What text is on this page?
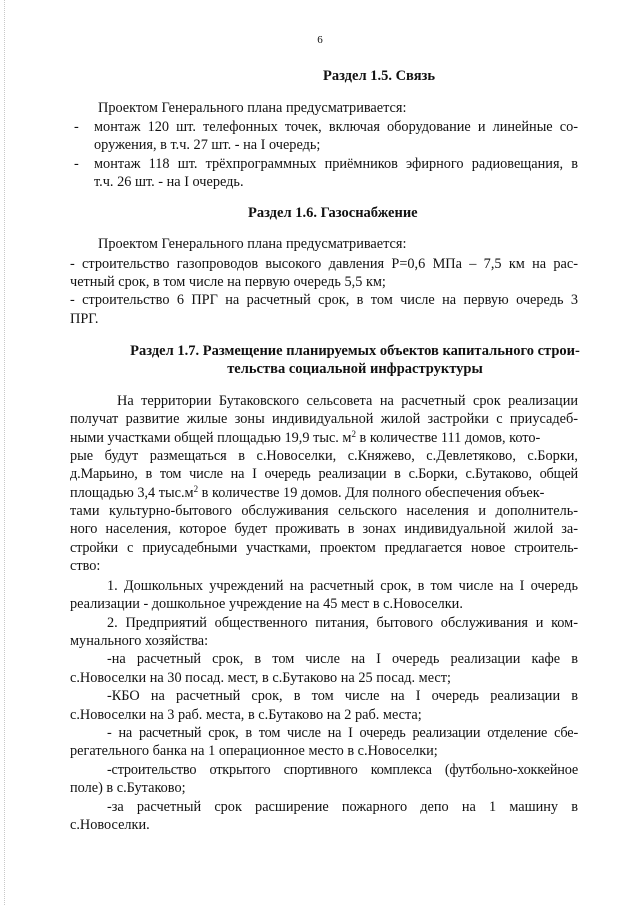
6
Раздел 1.5. Связь

Проектом Генерального плана предусматривается:

- монтаж 120 шт. телефонных точек, включая оборудование и линейные со-

оружения, в т.ч. 27 шт. - на I очередь;

- монтаж 118 шт. трёхпрограммных приёмников эфирного радиовещания, в

т.ч. 26 шт. - на I очередь.

Раздел 1.6. Газоснабжение

Проектом Генерального плана предусматривается:

- строительство газопроводов высокого давления Р=0,6 МПа – 7,5 км на рас-

четный срок, в том числе на первую очередь 5,5 км;

- строительство 6 ПРГ на расчетный срок, в том числе на первую очередь 3

ПРГ.

Раздел 1.7. Размещение планируемых объектов капитального строи-
тельства социальной инфраструктуры

На территории Бутаковского сельсовета на расчетный срок реализации

получат развитие жилые зоны индивидуальной жилой застройки с приусадеб-

ными участками общей площадью 19,9 тыс. $м^2$ в количестве 111 домов, кото-

рые будут размещаться в с.Новоселки, с.Княжево, с.Девлетяково, с.Борки,

д.Марьино, в том числе на I очередь реализации в с.Борки, с.Бутаково, общей

площадью 3,4 $тыс.м^2$ в количестве 19 домов. Для полного обеспечения объек-

тами культурно-бытового обслуживания сельского населения и дополнитель-

ного населения, которое будет проживать в зонах индивидуальной жилой за-

стройки с приусадебными участками, проектом предлагается новое строитель-

ство:

1. Дошкольных учреждений на расчетный срок, в том числе на I очередь

реализации - дошкольное учреждение на 45 мест в с.Новоселки.

2. Предприятий общественного питания, бытового обслуживания и ком-

мунального хозяйства:

-на расчетный срок, в том числе на I очередь реализации кафе в

с.Новоселки на 30 посад. мест, в с.Бутаково на 25 посад. мест;

-КБО на расчетный срок, в том числе на I очередь реализации в

с.Новоселки на 3 раб. места, в с.Бутаково на 2 раб. места;

- на расчетный срок, в том числе на I очередь реализации отделение сбе-

регательного банка на 1 операционное место в с.Новоселки;

-строительство открытого спортивного комплекса (футбольно-хоккейное

поле) в с.Бутаково;

-за расчетный срок расширение пожарного депо на 1 машину в

с.Новоселки.
